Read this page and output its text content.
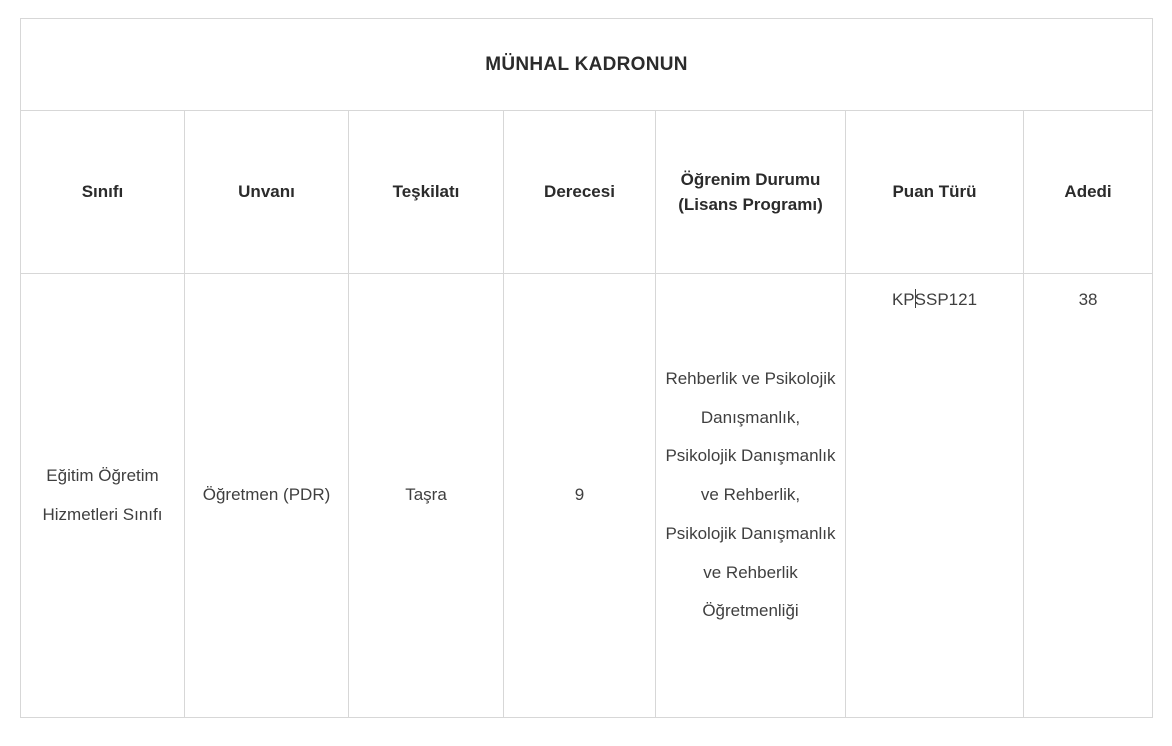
MÜNHAL KADRONUN						
Sınıfı	Unvanı	Teşkilatı	Derecesi	Öğrenim Durumu (Lisans Programı)	Puan Türü	Adedi
Eğitim Öğretim Hizmetleri Sınıfı	Öğretmen (PDR)	Taşra	9	Rehberlik ve Psikolojik Danışmanlık, Psikolojik Danışmanlık ve Rehberlik, Psikolojik Danışmanlık ve Rehberlik Öğretmenliği	KPSSP121	38
